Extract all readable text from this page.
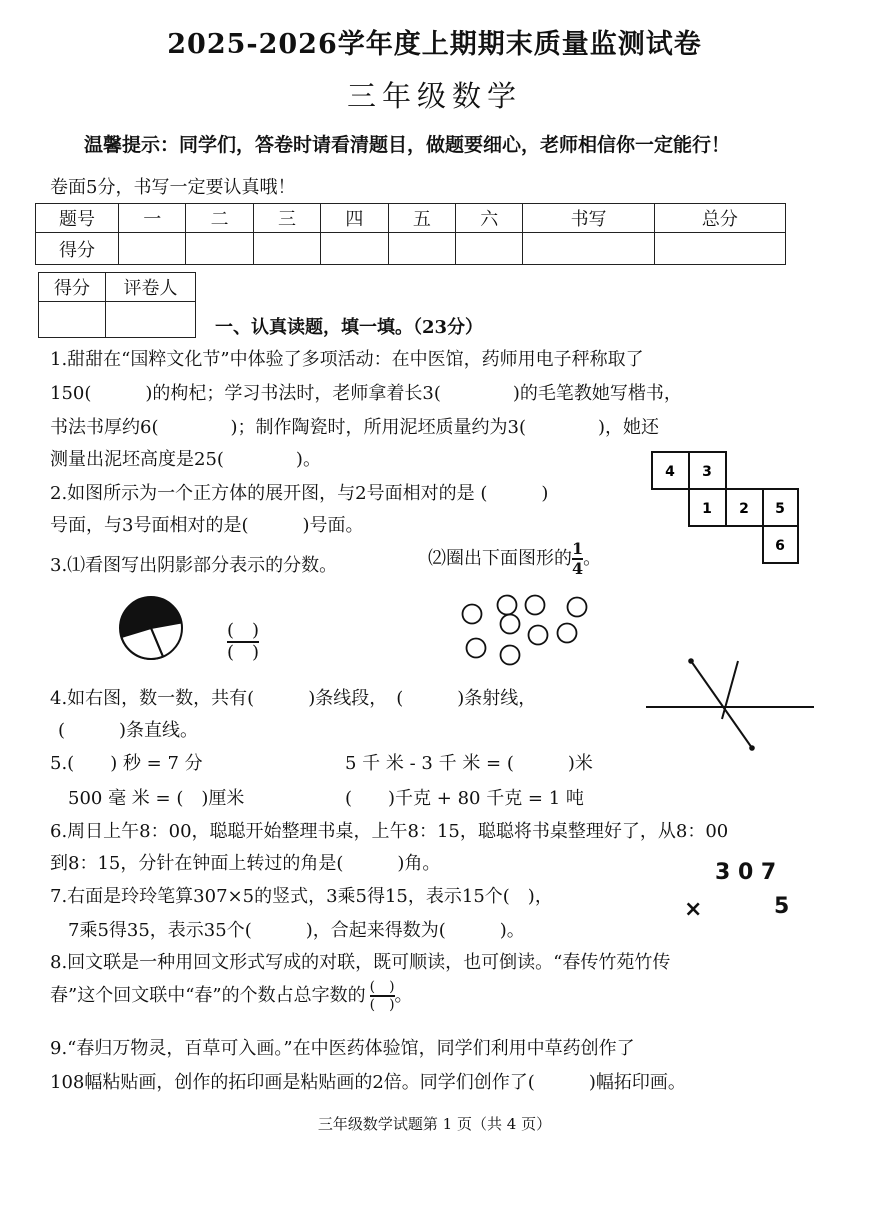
2025-2026学年度上期期末质量监测试卷
三年级数学
温馨提示：同学们，答卷时请看清题目，做题要细心，老师相信你一定能行！
卷面5分，书写一定要认真哦！
题号	一	二	三	四	五	六	书写	总分
得分								
得分	评卷人

一、认真读题，填一填。（23分）
1.甜甜在“国粹文化节”中体验了多项活动：在中医馆，药师用电子秤称取了
150(　　　)的枸杞；学习书法时，老师拿着长3(　　　　)的毛笔教她写楷书，
书法书厚约6(　　　　)；制作陶瓷时，所用泥坯质量约为3(　　　　)，她还
测量出泥坯高度是25(　　　　)。
2.如图所示为一个正方体的展开图，与2号面相对的是 (　　　)
号面，与3号面相对的是(　　　)号面。
4 3
1 2 5
6
3.⑴看图写出阴影部分表示的分数。	⑵圈出下面图形的 $\frac{1}{4}$ 。
(　)
(　)
4.如右图，数一数，共有(　　　)条线段，　(　　　)条射线，
(　　　)条直线。
5.(　　) 秒 = 7 分	5 千 米 - 3 千 米 = (　　　)米
500 毫 米 = (　)厘米	(　　)千克 + 80 千克 = 1 吨
6.周日上午8：00，聪聪开始整理书桌，上午8：15，聪聪将书桌整理好了，从8：00
到8：15，分针在钟面上转过的角是(　　　)角。
7.右面是玲玲笔算307×5的竖式，3乘5得15，表示15个(　)，
7乘5得35，表示35个(　　　)，合起来得数为(　　　)。
3 0 7
×	5
8.回文联是一种用回文形式写成的对联，既可顺读，也可倒读。“春传竹苑竹传
春”这个回文联中“春”的个数占总字数的 $\frac{( )}{( )}$ 。
9.“春归万物灵，百草可入画。”在中医药体验馆，同学们利用中草药创作了
108幅粘贴画，创作的拓印画是粘贴画的2倍。同学们创作了(　　　)幅拓印画。
三年级数学试题第 1 页（共 4 页）
